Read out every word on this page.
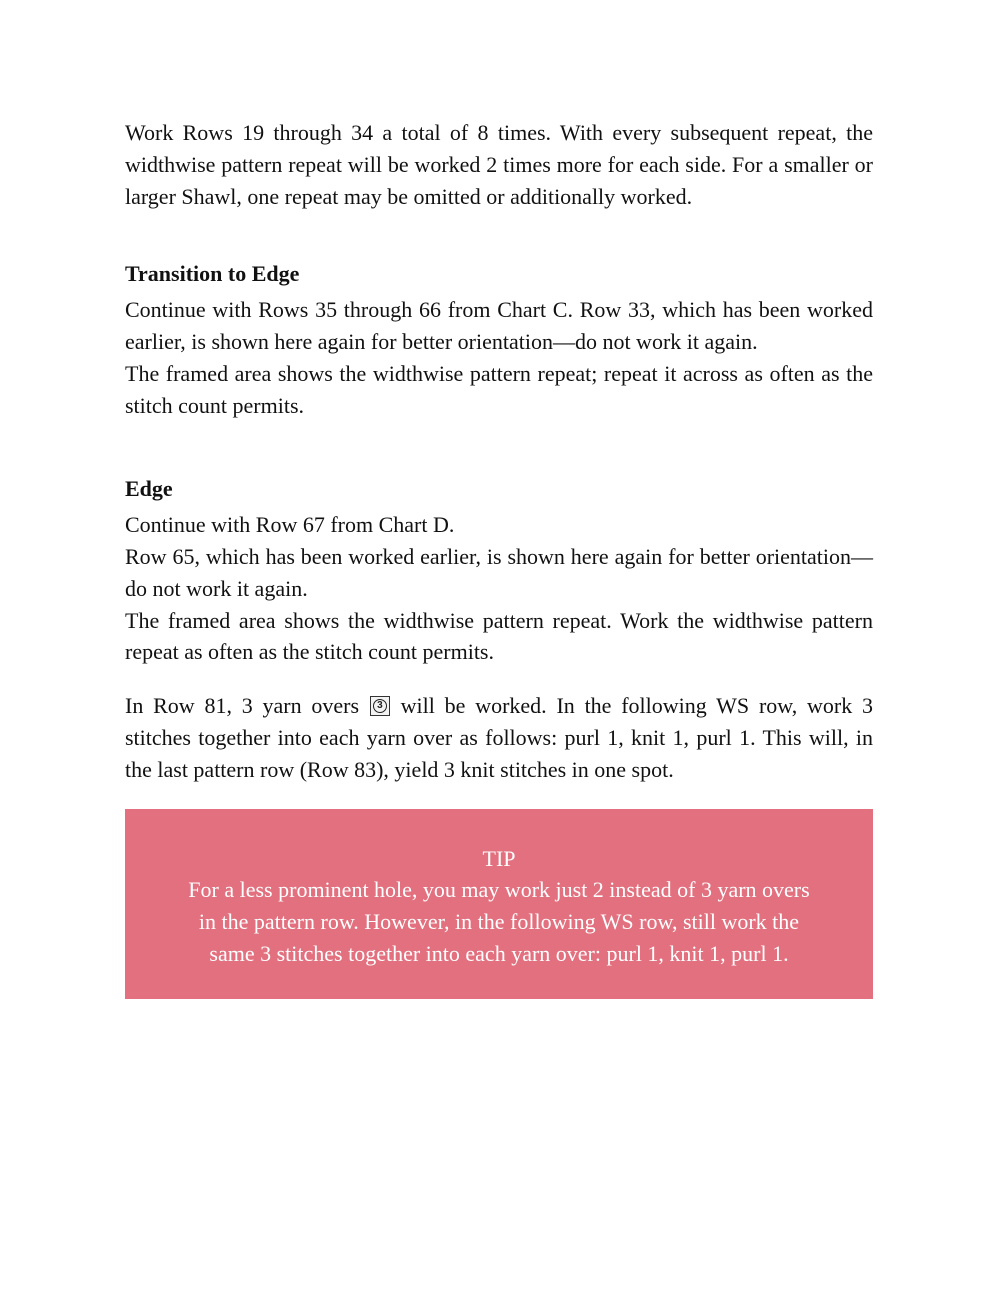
Work Rows 19 through 34 a total of 8 times. With every subsequent repeat, the widthwise pattern repeat will be worked 2 times more for each side. For a smaller or larger Shawl, one repeat may be omitted or additionally worked.

Transition to Edge

Continue with Rows 35 through 66 from Chart C. Row 33, which has been worked earlier, is shown here again for better orientation—do not work it again.

The framed area shows the widthwise pattern repeat; repeat it across as often as the stitch count permits.

Edge

Continue with Row 67 from Chart D.

Row 65, which has been worked earlier, is shown here again for better orientation—do not work it again.

The framed area shows the widthwise pattern repeat. Work the widthwise pattern repeat as often as the stitch count permits.

In Row 81, 3 yarn overs	3 will be worked. In the following WS row, work 3 stitches together into each yarn over as follows: purl 1, knit 1, purl 1. This will, in the last pattern row (Row 83), yield 3 knit stitches in one spot.

TIP
For a less prominent hole, you may work just 2 instead of 3 yarn overs
in the pattern row. However, in the following WS row, still work the
same 3 stitches together into each yarn over: purl 1, knit 1, purl 1.
